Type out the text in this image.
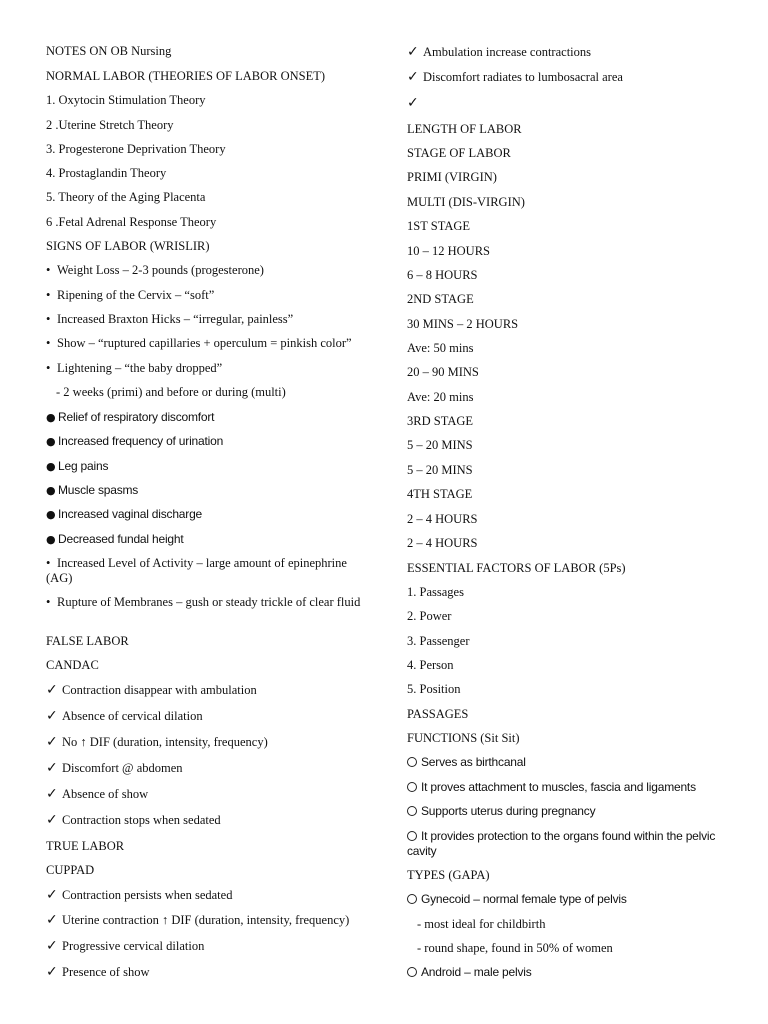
NOTES ON OB Nursing
NORMAL LABOR (THEORIES OF LABOR ONSET)
1. Oxytocin Stimulation Theory
2 .Uterine Stretch Theory
3. Progesterone Deprivation Theory
4. Prostaglandin Theory
5. Theory of the Aging Placenta
6 .Fetal Adrenal Response Theory
SIGNS OF LABOR (WRISLIR)
• Weight Loss – 2-3 pounds (progesterone)
• Ripening of the Cervix – “soft”
• Increased Braxton Hicks – “irregular, painless”
• Show – “ruptured capillaries + operculum = pinkish color”
• Lightening – “the baby dropped”
- 2 weeks (primi) and before or during (multi)
● Relief of respiratory discomfort
● Increased frequency of urination
● Leg pains
● Muscle spasms
● Increased vaginal discharge
● Decreased fundal height
• Increased Level of Activity – large amount of epinephrine (AG)
• Rupture of Membranes – gush or steady trickle of clear fluid
FALSE LABOR
CANDAC
✓ Contraction disappear with ambulation
✓ Absence of cervical dilation
✓ No ↑ DIF (duration, intensity, frequency)
✓ Discomfort @ abdomen
✓ Absence of show
✓ Contraction stops when sedated
TRUE LABOR
CUPPAD
✓ Contraction persists when sedated
✓ Uterine contraction ↑ DIF (duration, intensity, frequency)
✓ Progressive cervical dilation
✓ Presence of show
✓ Ambulation increase contractions
✓ Discomfort radiates to lumbosacral area
✓
LENGTH OF LABOR
STAGE OF LABOR
PRIMI (VIRGIN)
MULTI (DIS-VIRGIN)
1ST STAGE
10 – 12 HOURS
6 – 8 HOURS
2ND STAGE
30 MINS – 2 HOURS
Ave: 50 mins
20 – 90 MINS
Ave: 20 mins
3RD STAGE
5 – 20 MINS
5 – 20 MINS
4TH STAGE
2 – 4 HOURS
2 – 4 HOURS
ESSENTIAL FACTORS OF LABOR (5Ps)
1. Passages
2. Power
3. Passenger
4. Person
5. Position
PASSAGES
FUNCTIONS (Sit Sit)
Serves as birthcanal
It proves attachment to muscles, fascia and ligaments
Supports uterus during pregnancy
It provides protection to the organs found within the pelvic cavity
TYPES (GAPA)
Gynecoid – normal female type of pelvis
- most ideal for childbirth
- round shape, found in 50% of women
Android – male pelvis
